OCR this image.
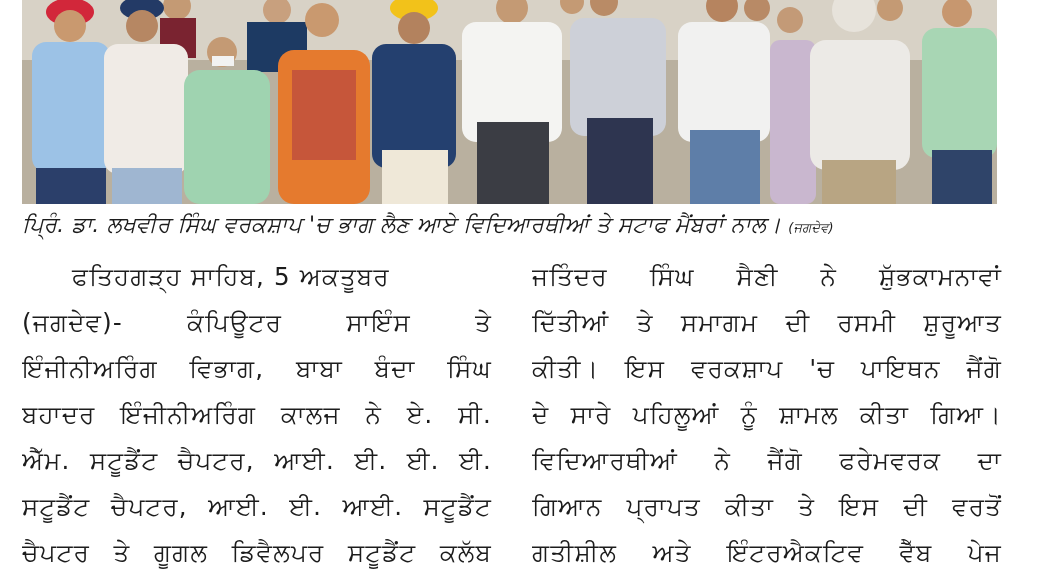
ਪ੍ਰਿੰ. ਡਾ. ਲਖਵੀਰ ਸਿੰਘ ਵਰਕਸ਼ਾਪ 'ਚ ਭਾਗ ਲੈਣ ਆਏ ਵਿਦਿਆਰਥੀਆਂ ਤੇ ਸਟਾਫ ਮੈਂਬਰਾਂ ਨਾਲ। (ਜਗਦੇਵ)
ਫਤਿਹਗੜ੍ਹ ਸਾਹਿਬ, 5 ਅਕਤੂਬਰ
(ਜਗਦੇਵ)- ਕੰਪਿਊਟਰ ਸਾਇੰਸ ਤੇ
ਇੰਜੀਨੀਅਰਿੰਗ ਵਿਭਾਗ, ਬਾਬਾ ਬੰਦਾ ਸਿੰਘ
ਬਹਾਦਰ ਇੰਜੀਨੀਅਰਿੰਗ ਕਾਲਜ ਨੇ ਏ. ਸੀ.
ਐੱਮ. ਸਟੂਡੈਂਟ ਚੈਪਟਰ, ਆਈ. ਈ. ਈ. ਈ.
ਸਟੂਡੈਂਟ ਚੈਪਟਰ, ਆਈ. ਈ. ਆਈ. ਸਟੂਡੈਂਟ
ਚੈਪਟਰ ਤੇ ਗੂਗਲ ਡਿਵੈਲਪਰ ਸਟੂਡੈਂਟ ਕਲੱਬ
ਜਤਿੰਦਰ ਸਿੰਘ ਸੈਣੀ ਨੇ ਸ਼ੁੱਭਕਾਮਨਾਵਾਂ
ਦਿੱਤੀਆਂ ਤੇ ਸਮਾਗਮ ਦੀ ਰਸਮੀ ਸ਼ੁਰੂਆਤ
ਕੀਤੀ। ਇਸ ਵਰਕਸ਼ਾਪ 'ਚ ਪਾਇਥਨ ਜੈਂਗੋ
ਦੇ ਸਾਰੇ ਪਹਿਲੂਆਂ ਨੂੰ ਸ਼ਾਮਲ ਕੀਤਾ ਗਿਆ।
ਵਿਦਿਆਰਥੀਆਂ ਨੇ ਜੈਂਗੋ ਫਰੇਮਵਰਕ ਦਾ
ਗਿਆਨ ਪ੍ਰਾਪਤ ਕੀਤਾ ਤੇ ਇਸ ਦੀ ਵਰਤੋਂ
ਗਤੀਸ਼ੀਲ ਅਤੇ ਇੰਟਰਐਕਟਿਵ ਵੈੱਬ ਪੇਜ
